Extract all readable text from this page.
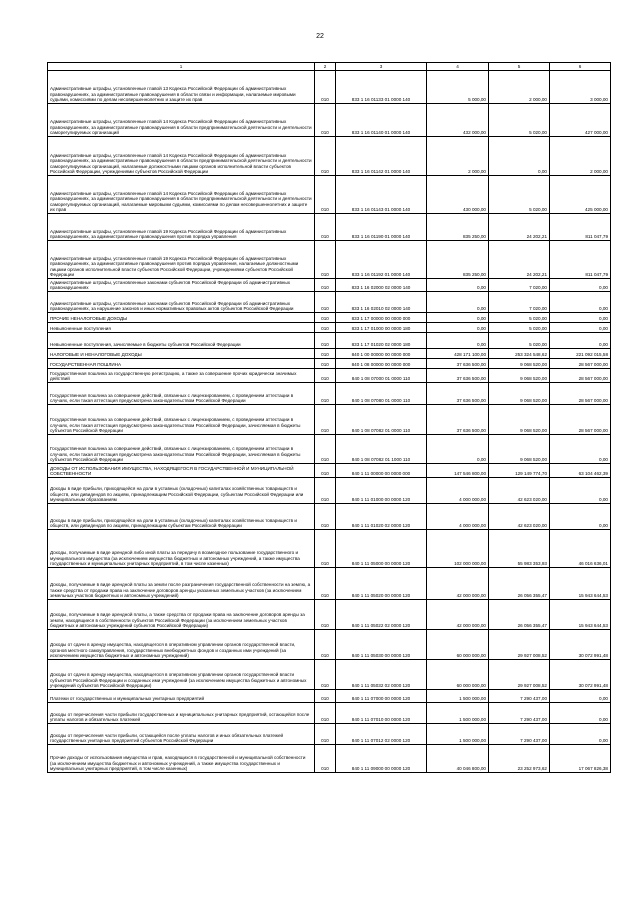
22
1	2	3	4	5	6
Административные штрафы, установленные главой 13 Кодекса Российской Федерации об административных правонарушениях, за административные правонарушения в области связи и информации, налагаемые мировыми судьями, комиссиями по делам несовершеннолетних и защите их прав	010	833 1 16 01133 01 0000 140	5 000,00	2 000,00	3 000,00
Административные штрафы, установленные главой 14 Кодекса Российской Федерации об административных правонарушениях, за административные правонарушения в области предпринимательской деятельности и деятельности саморегулируемых организаций	010	833 1 16 01140 01 0000 140	432 000,00	5 020,00	427 000,00
Административные штрафы, установленные главой 14 Кодекса Российской Федерации об административных правонарушениях, за административные правонарушения в области предпринимательской деятельности и деятельности саморегулируемых организаций, налагаемые должностными лицами органов исполнительной власти субъектов Российской Федерации, учреждениями субъектов Российской Федерации	010	833 1 16 01142 01 0000 140	2 000,00	0,00	2 000,00
Административные штрафы, установленные главой 14 Кодекса Российской Федерации об административных правонарушениях, за административные правонарушения в области предпринимательской деятельности и деятельности саморегулируемых организаций, налагаемые мировыми судьями, комиссиями по делам несовершеннолетних и защите их прав	010	833 1 16 01143 01 0000 140	430 000,00	5 020,00	425 000,00
Административные штрафы, установленные главой 19 Кодекса Российской Федерации об административных правонарушениях, за административные правонарушения против порядка управления	010	833 1 16 01190 01 0000 140	835 250,00	24 202,21	811 047,79
Административные штрафы, установленные главой 19 Кодекса Российской Федерации об административных правонарушениях, за административные правонарушения против порядка управления, налагаемые должностными лицами органов исполнительной власти субъектов Российской Федерации, учреждениями субъектов Российской Федерации	010	833 1 16 01192 01 0000 140	835 250,00	24 202,21	811 047,79
Административные штрафы, установленные законами субъектов Российской Федерации об административных правонарушениях	010	833 1 16 02000 02 0000 140	0,00	7 020,00	0,00
Административные штрафы, установленные законами субъектов Российской Федерации об административных правонарушениях, за нарушение законов и иных нормативных правовых актов субъектов Российской Федерации	010	833 1 16 02010 02 0000 140	0,00	7 020,00	0,00
ПРОЧИЕ НЕНАЛОГОВЫЕ ДОХОДЫ	010	833 1 17 00000 00 0000 000	0,00	5 020,00	0,00
Невыясненные поступления	010	833 1 17 01000 00 0000 180	0,00	5 020,00	0,00
Невыясненные поступления, зачисляемые в бюджеты субъектов Российской Федерации	010	833 1 17 01020 02 0000 180	0,00	5 020,00	0,00
НАЛОГОВЫЕ И НЕНАЛОГОВЫЕ ДОХОДЫ	010	840 1 00 00000 00 0000 000	428 171 100,00	253 324 548,62	221 092 015,58
ГОСУДАРСТВЕННАЯ ПОШЛИНА	010	840 1 08 00000 00 0000 000	37 636 500,00	9 068 520,00	28 567 000,00
Государственная пошлина за государственную регистрацию, а также за совершение прочих юридически значимых действий	010	840 1 08 07000 01 0000 110	37 636 500,00	9 068 520,00	28 567 000,00
Государственная пошлина за совершение действий, связанных с лицензированием, с проведением аттестации в случаях, если такая аттестация предусмотрена законодательством Российской Федерации	010	840 1 08 07080 01 0000 110	37 636 500,00	9 068 520,00	28 567 000,00
Государственная пошлина за совершение действий, связанных с лицензированием, с проведением аттестации в случаях, если такая аттестация предусмотрена законодательством Российской Федерации, зачисляемая в бюджеты субъектов Российской Федерации	010	840 1 08 07082 01 0000 110	37 636 500,00	9 068 520,00	28 567 000,00
Государственная пошлина за совершение действий, связанных с лицензированием, с проведением аттестации в случаях, если такая аттестация предусмотрена законодательством Российской Федерации, зачисляемая в бюджеты субъектов Российской Федерации	010	840 1 08 07082 01 1000 110	0,00	9 068 520,00	0,00
ДОХОДЫ ОТ ИСПОЛЬЗОВАНИЯ ИМУЩЕСТВА, НАХОДЯЩЕГОСЯ В ГОСУДАРСТВЕННОЙ И МУНИЦИПАЛЬНОЙ СОБСТВЕННОСТИ	010	840 1 11 00000 00 0000 000	147 546 800,00	129 149 774,70	63 104 462,39
Доходы в виде прибыли, приходящейся на доли в уставных (складочных) капиталах хозяйственных товариществ и обществ, или дивидендов по акциям, принадлежащим Российской Федерации, субъектам Российской Федерации или муниципальным образованиям	010	840 1 11 01000 00 0000 120	4 000 000,00	42 623 020,00	0,00
Доходы в виде прибыли, приходящейся на доли в уставных (складочных) капиталах хозяйственных товариществ и обществ, или дивидендов по акциям, принадлежащим субъектам Российской Федерации	010	840 1 11 01020 02 0000 120	4 000 000,00	42 623 020,00	0,00
Доходы, получаемые в виде арендной либо иной платы за передачу в возмездное пользование государственного и муниципального имущества (за исключением имущества бюджетных и автономных учреждений, а также имущества государственных и муниципальных унитарных предприятий, в том числе казенных)	010	840 1 11 05000 00 0000 120	102 000 000,00	55 983 353,93	46 016 636,01
Доходы, получаемые в виде арендной платы за земли после разграничения государственной собственности на землю, а также средства от продажи права на заключение договоров аренды указанных земельных участков (за исключением земельных участков бюджетных и автономных учреждений)	010	840 1 11 05020 00 0000 120	42 000 000,00	26 056 355,47	15 943 644,53
Доходы, получаемые в виде арендной платы, а также средства от продажи права на заключение договоров аренды за земли, находящиеся в собственности субъектов Российской Федерации (за исключением земельных участков бюджетных и автономных учреждений субъектов Российской Федерации)	010	840 1 11 05022 02 0000 120	42 000 000,00	26 056 355,47	15 943 644,53
Доходы от сдачи в аренду имущества, находящегося в оперативном управлении органов государственной власти, органов местного самоуправления, государственных внебюджетных фондов и созданных ими учреждений (за исключением имущества бюджетных и автономных учреждений)	010	840 1 11 05030 00 0000 120	60 000 000,00	29 927 008,52	30 072 991,48
Доходы от сдачи в аренду имущества, находящегося в оперативном управлении органов государственной власти субъектов Российской Федерации и созданных ими учреждений (за исключением имущества бюджетных и автономных учреждений субъектов Российской Федерации)	010	840 1 11 05032 02 0000 120	60 000 000,00	29 927 008,52	30 072 991,48
Платежи от государственных и муниципальных унитарных предприятий	010	840 1 11 07000 00 0000 120	1 500 000,00	7 290 437,00	0,00
Доходы от перечисления части прибыли государственных и муниципальных унитарных предприятий, остающейся после уплаты налогов и обязательных платежей	010	840 1 11 07010 00 0000 120	1 500 000,00	7 290 437,00	0,00
Доходы от перечисления части прибыли, остающейся после уплаты налогов и иных обязательных платежей государственных унитарных предприятий субъектов Российской Федерации	010	840 1 11 07012 02 0000 120	1 500 000,00	7 290 437,00	0,00
Прочие доходы от использования имущества и прав, находящихся в государственной и муниципальной собственности (за исключением имущества бюджетных и автономных учреждений, а также имущества государственных и муниципальных унитарных предприятий, в том числе казенных)	010	840 1 11 09000 00 0000 120	40 046 800,00	23 252 973,62	17 067 826,38
